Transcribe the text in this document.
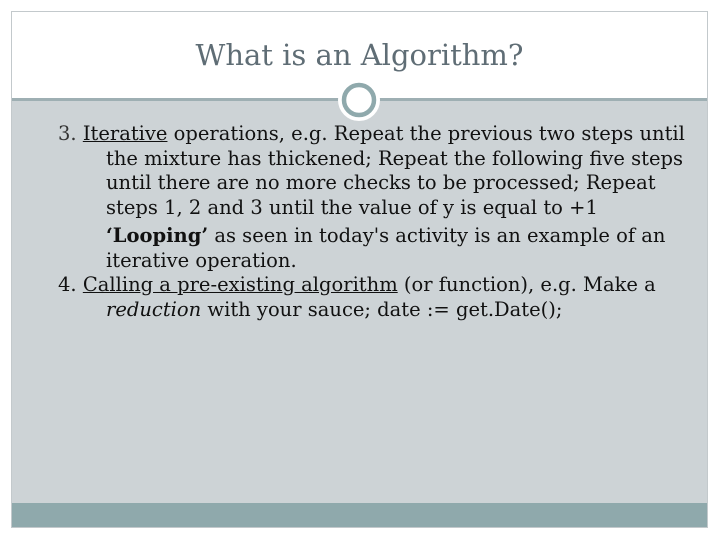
What is an Algorithm?
3. Iterative operations, e.g. Repeat the previous two steps until
the mixture has thickened; Repeat the following five steps until there are no more checks to be processed; Repeat steps 1, 2 and 3 until the value of y is equal to +1
‘Looping’ as seen in today's activity is an example of an iterative operation.
4. Calling a pre-existing algorithm (or function), e.g. Make a
reduction with your sauce; date := get.Date();
